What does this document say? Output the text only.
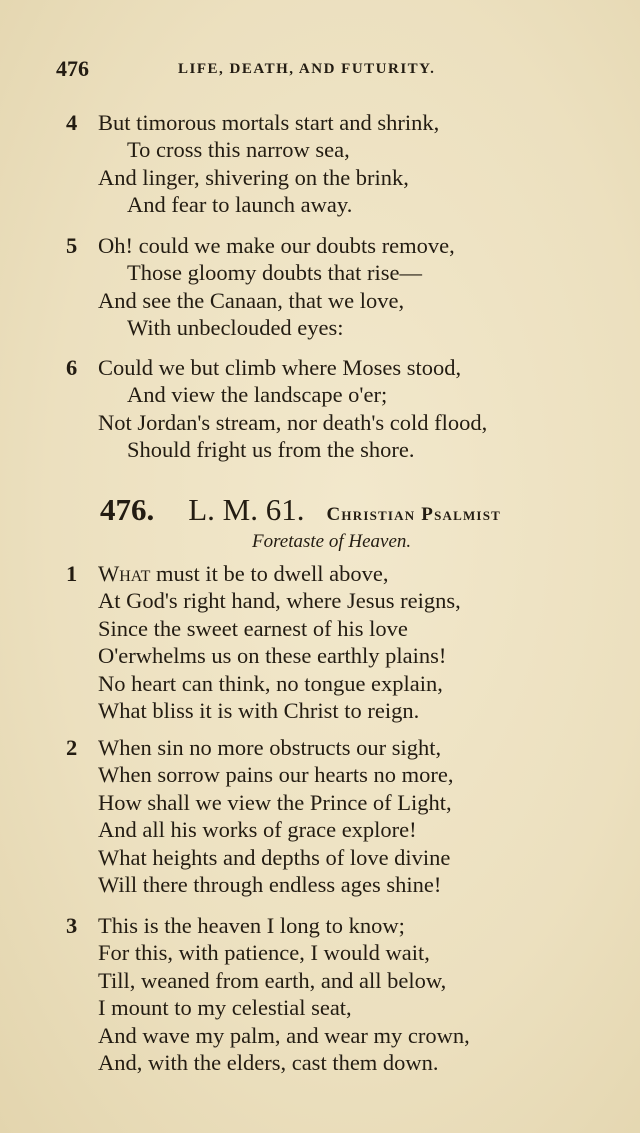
476	LIFE, DEATH, AND FUTURITY.
4 But timorous mortals start and shrink,
To cross this narrow sea,
And linger, shivering on the brink,
And fear to launch away.
5 Oh! could we make our doubts remove,
Those gloomy doubts that rise—
And see the Canaan, that we love,
With unbeclouded eyes:
6 Could we but climb where Moses stood,
And view the landscape o'er;
Not Jordan's stream, nor death's cold flood,
Should fright us from the shore.
476. L. M. 61. Christian Psalmist
Foretaste of Heaven.
1 What must it be to dwell above,
At God's right hand, where Jesus reigns,
Since the sweet earnest of his love
O'erwhelms us on these earthly plains!
No heart can think, no tongue explain,
What bliss it is with Christ to reign.
2 When sin no more obstructs our sight,
When sorrow pains our hearts no more,
How shall we view the Prince of Light,
And all his works of grace explore!
What heights and depths of love divine
Will there through endless ages shine!
3 This is the heaven I long to know;
For this, with patience, I would wait,
Till, weaned from earth, and all below,
I mount to my celestial seat,
And wave my palm, and wear my crown,
And, with the elders, cast them down.
